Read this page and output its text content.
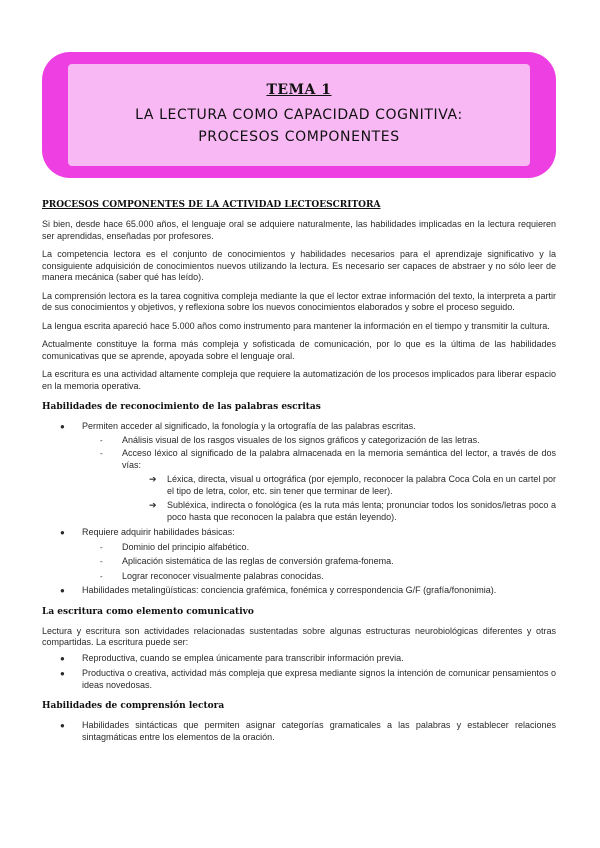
TEMA 1
LA LECTURA COMO CAPACIDAD COGNITIVA:
PROCESOS COMPONENTES
PROCESOS COMPONENTES DE LA ACTIVIDAD LECTOESCRITORA

Si bien, desde hace 65.000 años, el lenguaje oral se adquiere naturalmente, las habilidades implicadas en la lectura requieren ser aprendidas, enseñadas por profesores.

La competencia lectora es el conjunto de conocimientos y habilidades necesarios para el aprendizaje significativo y la consiguiente adquisición de conocimientos nuevos utilizando la lectura. Es necesario ser capaces de abstraer y no sólo leer de manera mecánica (saber qué has leído).

La comprensión lectora es la tarea cognitiva compleja mediante la que el lector extrae información del texto, la interpreta a partir de sus conocimientos y objetivos, y reflexiona sobre los nuevos conocimientos elaborados y sobre el proceso seguido.

La lengua escrita apareció hace 5.000 años como instrumento para mantener la información en el tiempo y transmitir la cultura.

Actualmente constituye la forma más compleja y sofisticada de comunicación, por lo que es la última de las habilidades comunicativas que se aprende, apoyada sobre el lenguaje oral.

La escritura es una actividad altamente compleja que requiere la automatización de los procesos implicados para liberar espacio en la memoria operativa.

Habilidades de reconocimiento de las palabras escritas
● Permiten acceder al significado, la fonología y la ortografía de las palabras escritas.
- Análisis visual de los rasgos visuales de los signos gráficos y categorización de las letras.
- Acceso léxico al significado de la palabra almacenada en la memoria semántica del lector, a través de dos vías:
➔ Léxica, directa, visual u ortográfica (por ejemplo, reconocer la palabra Coca Cola en un cartel por el tipo de letra, color, etc. sin tener que terminar de leer).
➔ Subléxica, indirecta o fonológica (es la ruta más lenta; pronunciar todos los sonidos/letras poco a poco hasta que reconocen la palabra que están leyendo).
● Requiere adquirir habilidades básicas:
- Dominio del principio alfabético.
- Aplicación sistemática de las reglas de conversión grafema-fonema.
- Lograr reconocer visualmente palabras conocidas.
● Habilidades metalingüísticas: conciencia grafémica, fonémica y correspondencia G/F (grafía/fononimia).
La escritura como elemento comunicativo

Lectura y escritura son actividades relacionadas sustentadas sobre algunas estructuras neurobiológicas diferentes y otras compartidas. La escritura puede ser:

● Reproductiva, cuando se emplea únicamente para transcribir información previa.
● Productiva o creativa, actividad más compleja que expresa mediante signos la intención de comunicar pensamientos o ideas novedosas.
Habilidades de comprensión lectora
● Habilidades sintácticas que permiten asignar categorías gramaticales a las palabras y establecer relaciones sintagmáticas entre los elementos de la oración.
